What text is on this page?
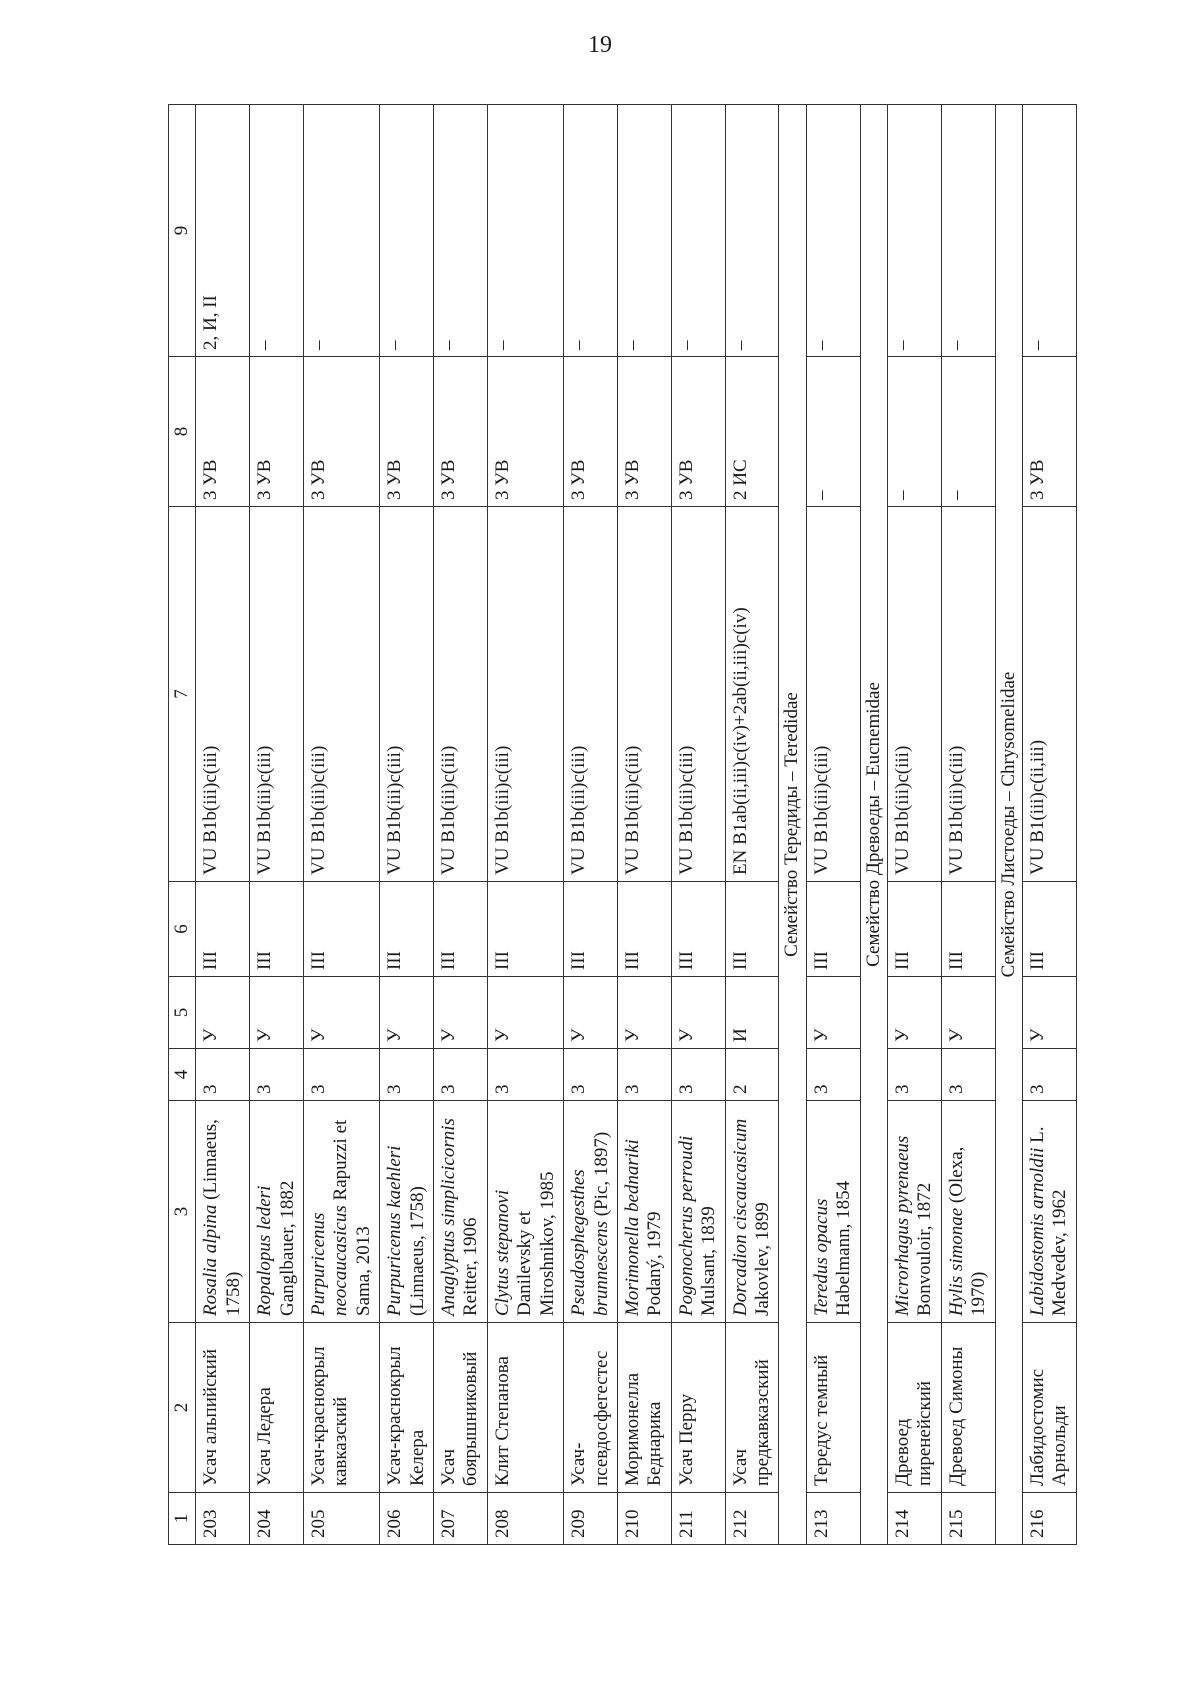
19
1	2	3	4	5	6	7	8	9
203	Усач альпийский	Rosalia alpina (Linnaeus, 1758)	3	У	III	VU B1b(iii)c(iii)	3 УВ	2, И, II
204	Усач Ледера	Ropalopus lederi Ganglbauer, 1882	3	У	III	VU B1b(iii)c(iii)	3 УВ	–
205	Усач-краснокрыл кавказский	Purpuricenus neocaucasicus Rapuzzi et Sama, 2013	3	У	III	VU B1b(iii)c(iii)	3 УВ	–
206	Усач-краснокрыл Келера	Purpuricenus kaehleri (Linnaeus, 1758)	3	У	III	VU B1b(iii)c(iii)	3 УВ	–
207	Усач боярышниковый	Anaglyptus simplicicornis Reitter, 1906	3	У	III	VU B1b(iii)c(iii)	3 УВ	–
208	Клит Степанова	Clytus stepanovi Danilevsky et Miroshnikov, 1985	3	У	III	VU B1b(iii)c(iii)	3 УВ	–
209	Усач-псевдосфегестес	Pseudosphegesthes brunnescens (Pic, 1897)	3	У	III	VU B1b(iii)c(iii)	3 УВ	–
210	Моримонелла Беднарика	Morimonella bednariki Podaný, 1979	3	У	III	VU B1b(iii)c(iii)	3 УВ	–
211	Усач Перру	Pogonocherus perroudi Mulsant, 1839	3	У	III	VU B1b(iii)c(iii)	3 УВ	–
212	Усач предкавказский	Dorcadion ciscaucasicum Jakovlev, 1899	2	И	III	EN B1ab(ii,iii)c(iv)+2ab(ii,iii)c(iv)	2 ИС	–
Семейство Тередиды – Teredidae								
213	Тередус темный	Teredus opacus Habelmann, 1854	3	У	III	VU B1b(iii)c(iii)	–	–
Семейство Древоеды – Eucnemidae								
214	Древоед пиренейский	Microrhagus pyrenaeus Bonvouloir, 1872	3	У	III	VU B1b(iii)c(iii)	–	–
215	Древоед Симоны	Hylis simonae (Olexa, 1970)	3	У	III	VU B1b(iii)c(iii)	–	–
Семейство Листоеды – Chrysomelidae								
216	Лабидостомис Арнольди	Labidostomis arnoldii L. Medvedev, 1962	3	У	III	VU B1(iii)c(ii,iii)	3 УВ	–
